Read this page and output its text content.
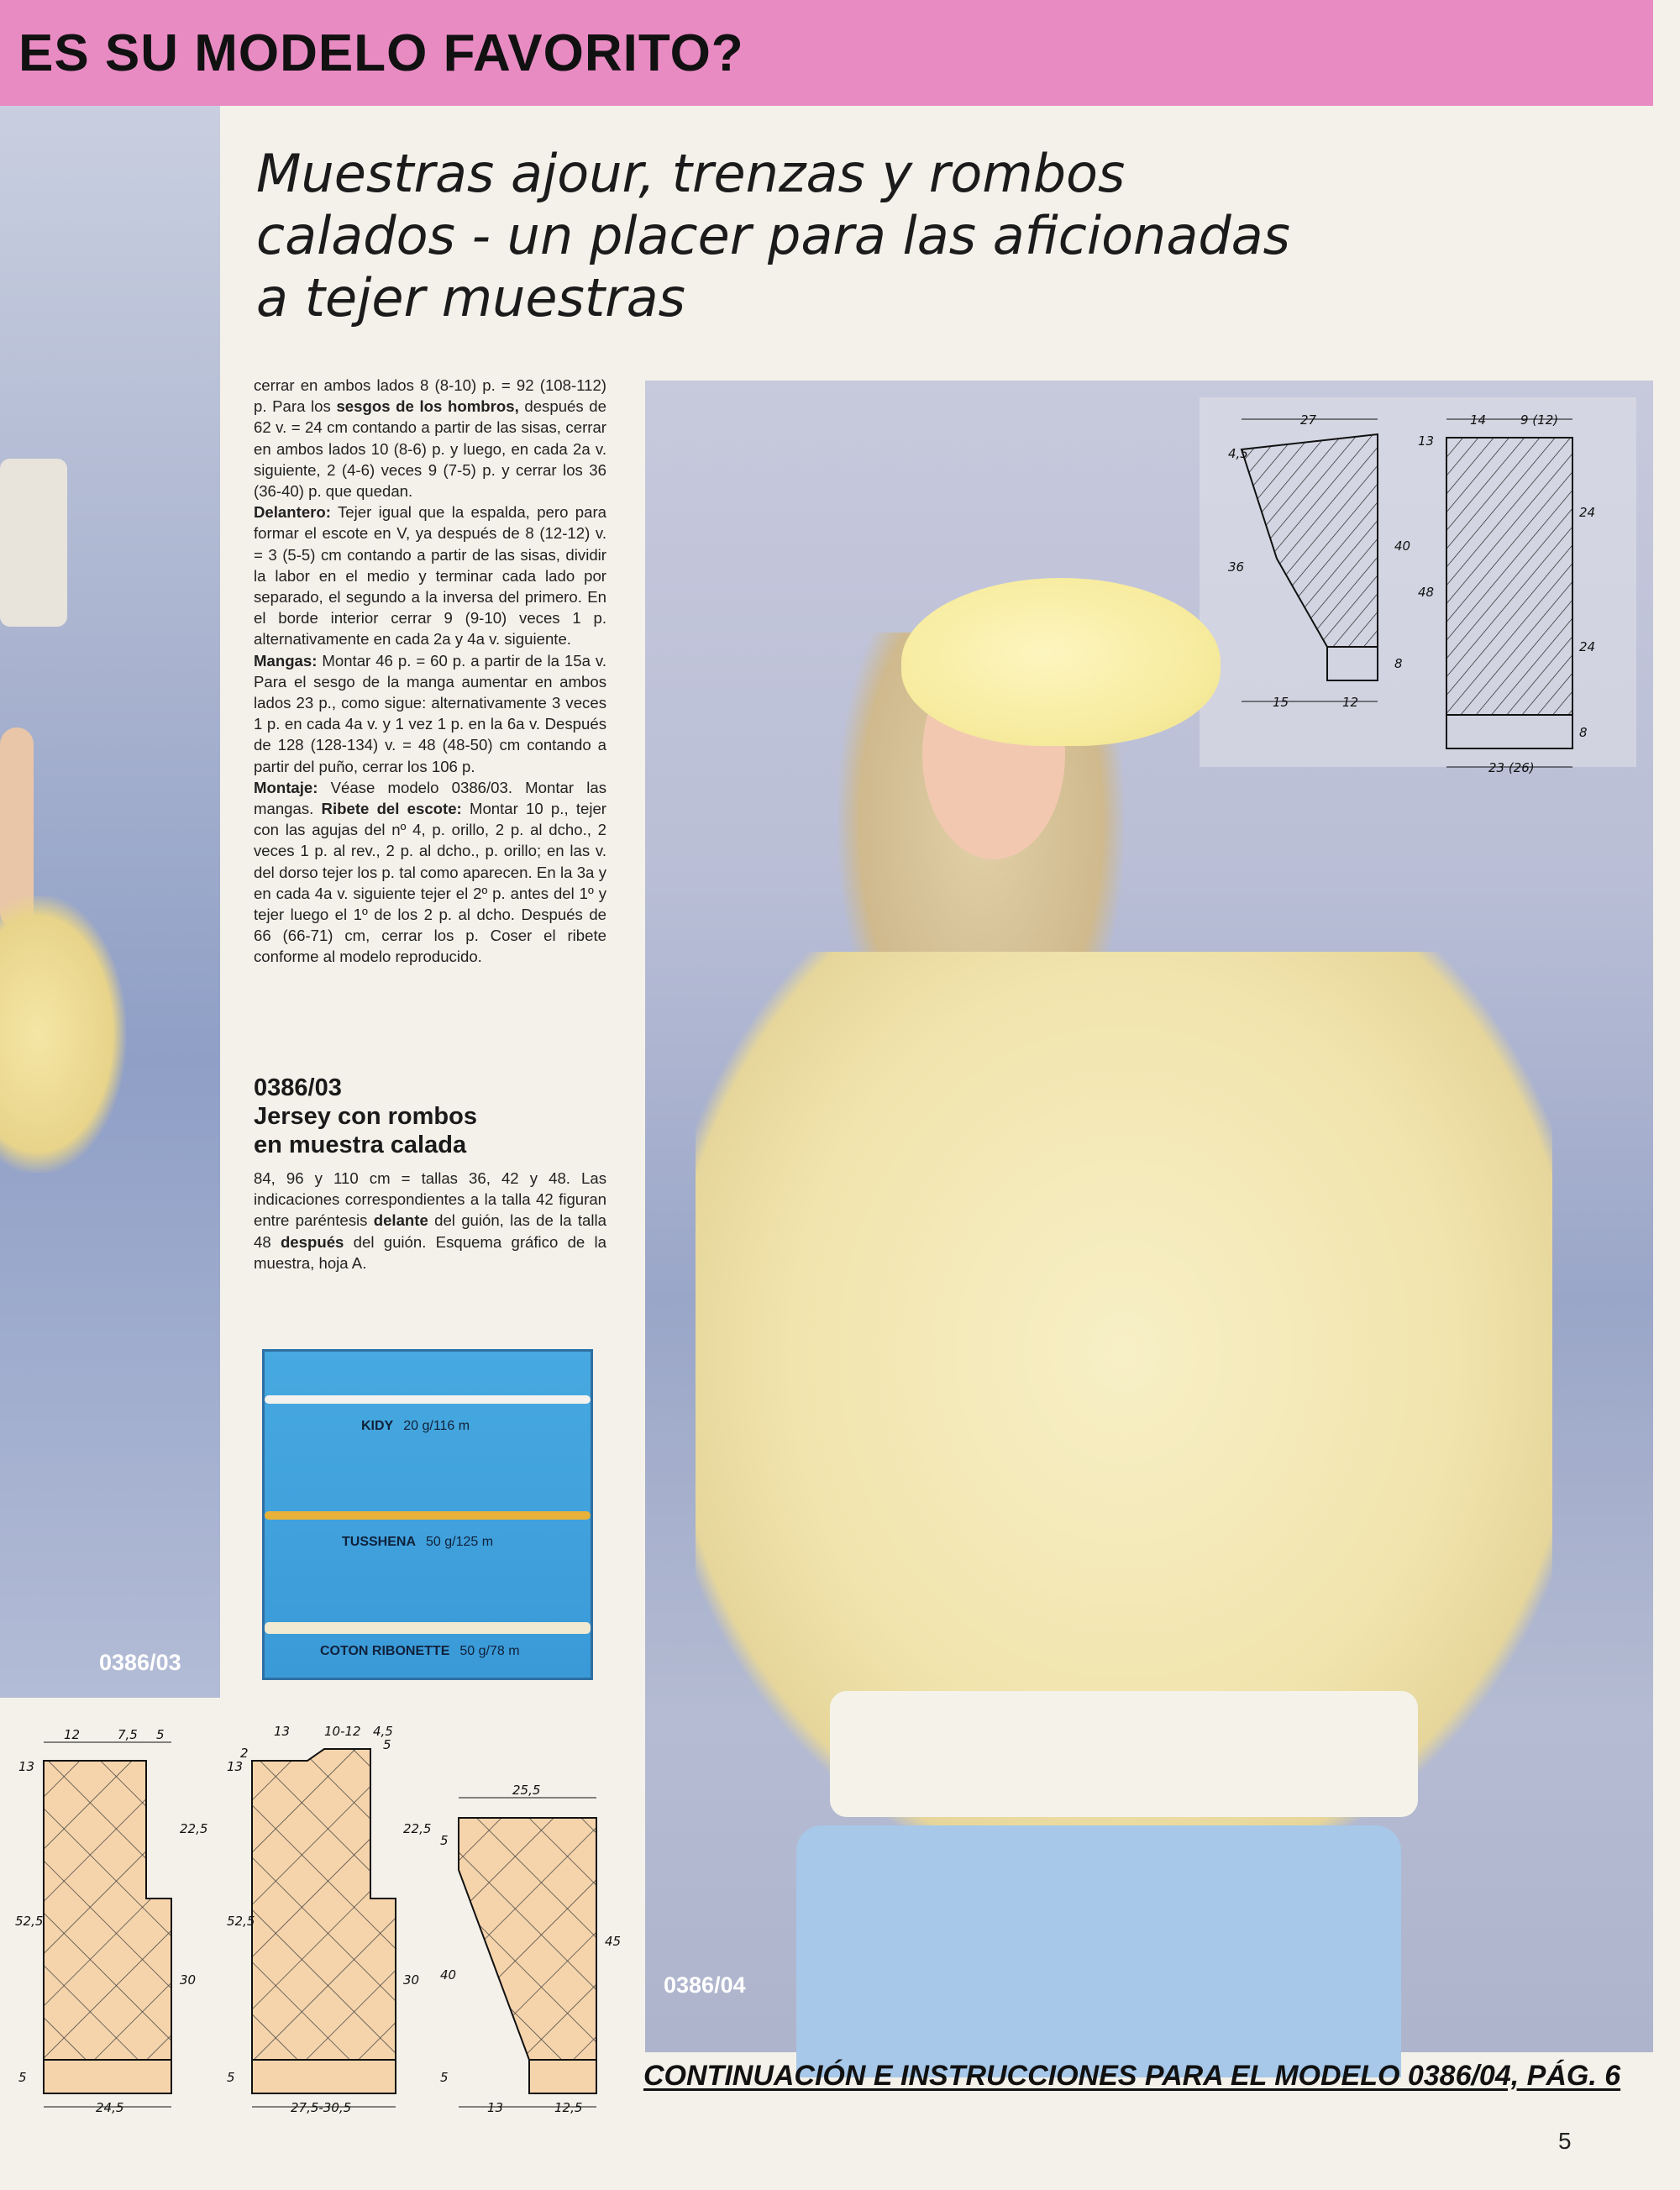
ES SU MODELO FAVORITO?
0386/03
Muestras ajour, trenzas y rombos
calados - un placer para las aficionadas
a tejer muestras

cerrar en ambos lados 8 (8-10) p. = 92 (108-112) p. Para los sesgos de los hombros, después de 62 v. = 24 cm contando a partir de las sisas, cerrar en ambos lados 10 (8-6) p. y luego, en cada 2a v. siguiente, 2 (4-6) veces 9 (7-5) p. y cerrar los 36 (36-40) p. que quedan.

Delantero: Tejer igual que la espalda, pero para formar el escote en V, ya después de 8 (12-12) v. = 3 (5-5) cm contando a partir de las sisas, dividir la labor en el medio y terminar cada lado por separado, el segundo a la inversa del primero. En el borde interior cerrar 9 (9-10) veces 1 p. alternativamente en cada 2a y 4a v. siguiente.

Mangas: Montar 46 p. = 60 p. a partir de la 15a v. Para el sesgo de la manga aumentar en ambos lados 23 p., como sigue: alternativamente 3 veces 1 p. en cada 4a v. y 1 vez 1 p. en la 6a v. Después de 128 (128-134) v. = 48 (48-50) cm contando a partir del puño, cerrar los 106 p.

Montaje: Véase modelo 0386/03. Montar las mangas. Ribete del escote: Montar 10 p., tejer con las agujas del nº 4, p. orillo, 2 p. al dcho., 2 veces 1 p. al rev., 2 p. al dcho., p. orillo; en las v. del dorso tejer los p. tal como aparecen. En la 3a y en cada 4a v. siguiente tejer el 2º p. antes del 1º y tejer luego el 1º de los 2 p. al dcho. Después de 66 (66-71) cm, cerrar los p. Coser el ribete conforme al modelo reproducido.

0386/03
Jersey con rombos
en muestra calada
84, 96 y 110 cm = tallas 36, 42 y 48. Las indicaciones correspondientes a la talla 42 figuran entre paréntesis delante del guión, las de la talla 48 después del guión. Esquema gráfico de la muestra, hoja A.
KIDY 20 g/116 m
TUSSHENA 50 g/125 m
COTON RIBONETTE 50 g/78 m
0386/04
27
4,5
36
40
8
15	12
14	9 (12)
13
48
24
24
8
23 (26)
12	7,5 5
13
52,5
22,5
30
5
24,5
13	10-12 4,5
5
13
2
52,5
22,5
30
5
27,5-30,5
25,5
5
40
45
5
13	12,5
CONTINUACIÓN E INSTRUCCIONES PARA EL MODELO 0386/04, PÁG. 6
5
